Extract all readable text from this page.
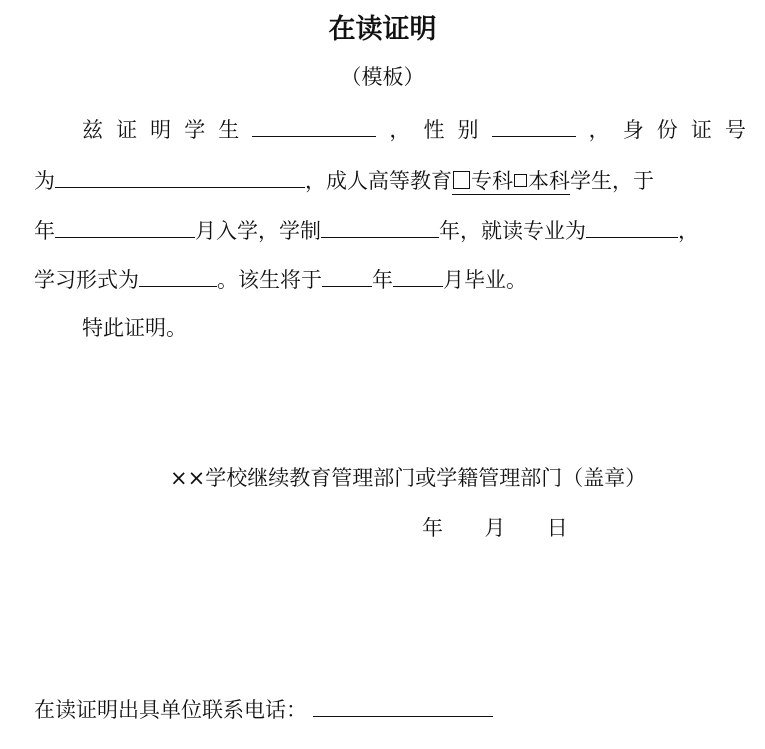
在读证明
（模板）
兹 证 明 学 生	， 性 别	， 身 份 证 号
为	，成人高等教育 专科 本科学生，于
年	月入学，学制	年，就读专业为	，
学习形式为	。该生将于 年 月毕业。
特此证明。
××学校继续教育管理部门或学籍管理部门（盖章）
年 月 日
在读证明出具单位联系电话：
